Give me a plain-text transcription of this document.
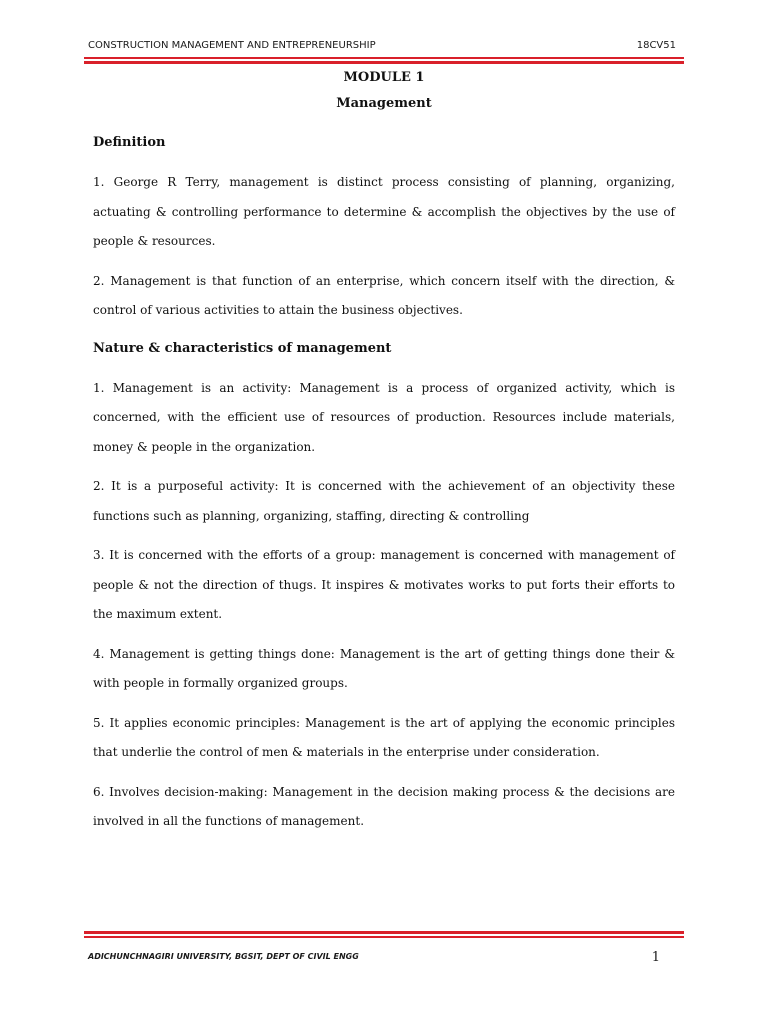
CONSTRUCTION MANAGEMENT AND ENTREPRENEURSHIP	18CV51
MODULE 1
Management
Definition

1. George R Terry, management is distinct process consisting of planning, organizing, actuating & controlling performance to determine & accomplish the objectives by the use of people & resources.

2. Management is that function of an enterprise, which concern itself with the direction, & control of various activities to attain the business objectives.

Nature & characteristics of management

1. Management is an activity: Management is a process of organized activity, which is concerned, with the efficient use of resources of production. Resources include materials, money & people in the organization.

2. It is a purposeful activity: It is concerned with the achievement of an objectivity these functions such as planning, organizing, staffing, directing & controlling

3. It is concerned with the efforts of a group: management is concerned with management of people & not the direction of thugs. It inspires & motivates works to put forts their efforts to the maximum extent.

4. Management is getting things done: Management is the art of getting things done their & with people in formally organized groups.

5. It applies economic principles: Management is the art of applying the economic principles that underlie the control of men & materials in the enterprise under consideration.

6. Involves decision-making: Management in the decision making process & the decisions are involved in all the functions of management.

ADICHUNCHNAGIRI UNIVERSITY, BGSIT, DEPT OF CIVIL ENGG	1
